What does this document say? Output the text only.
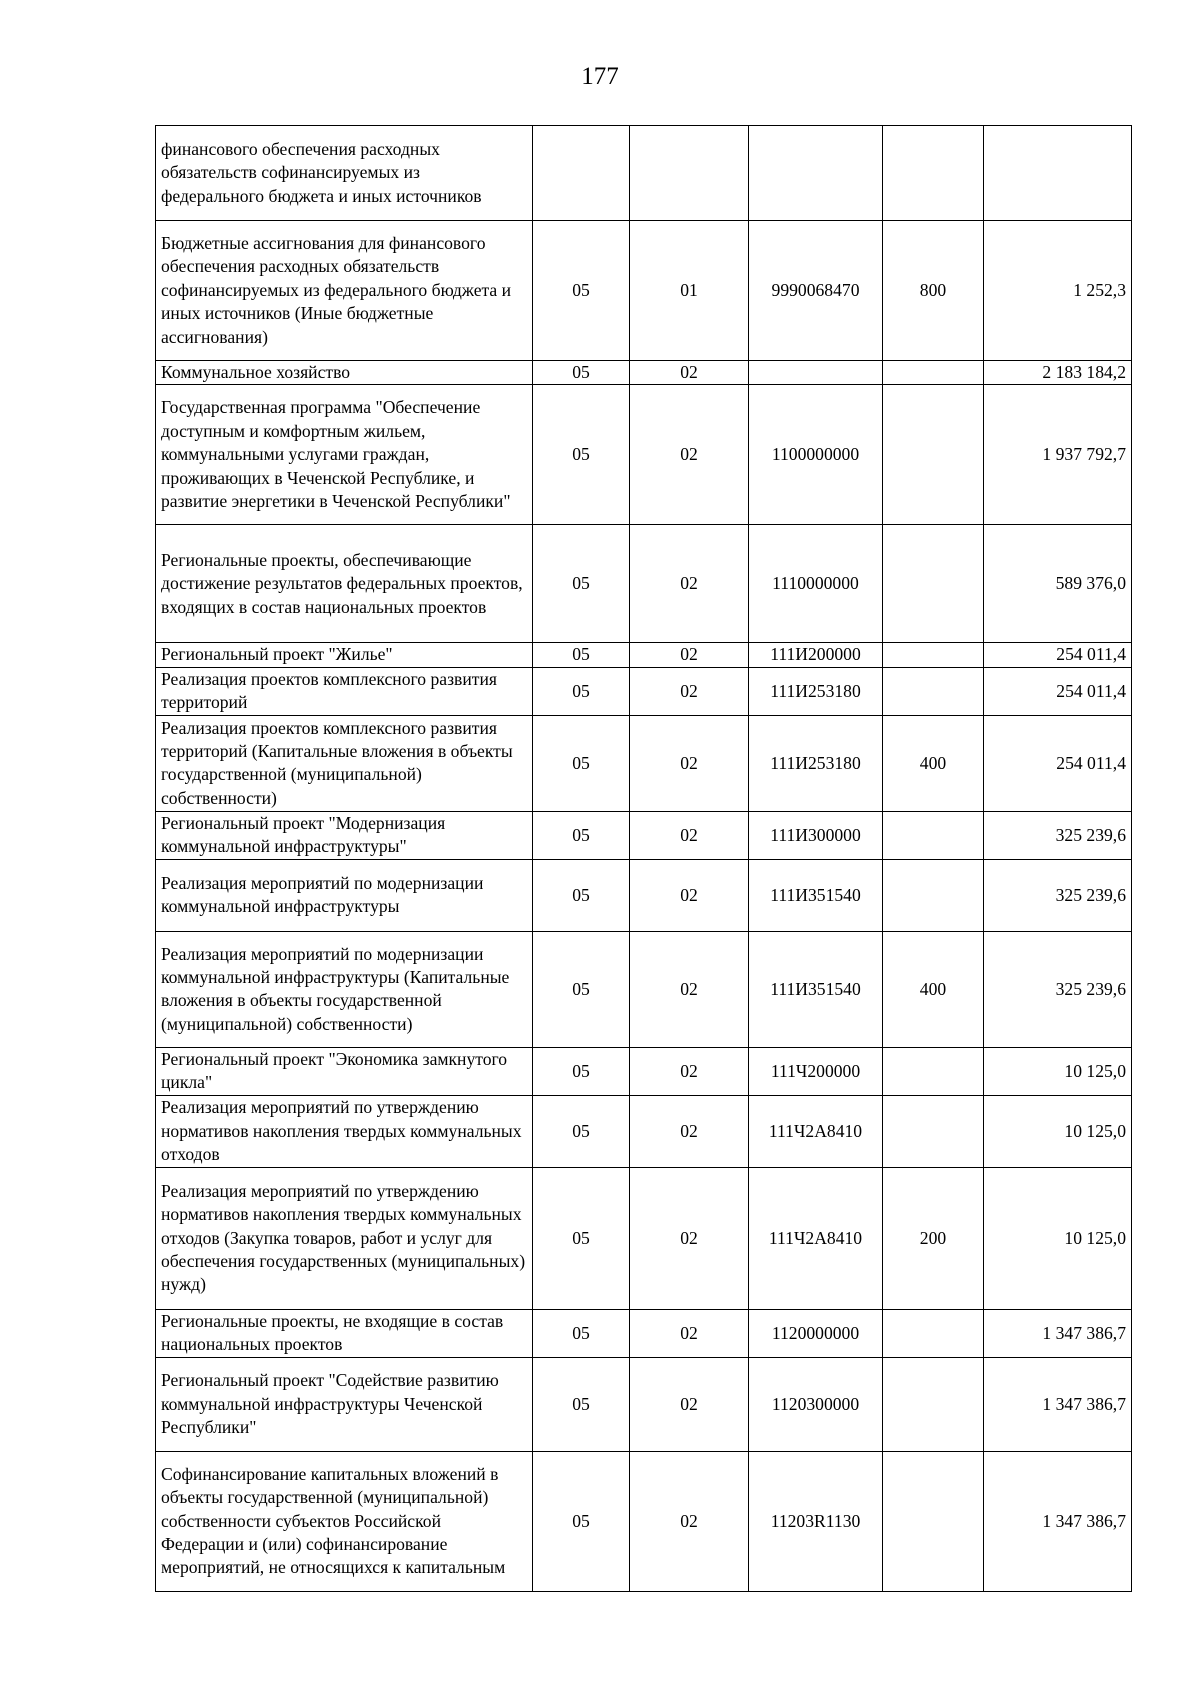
177
финансового обеспечения расходных обязательств софинансируемых из федерального бюджета и иных источников					
Бюджетные ассигнования для финансового обеспечения расходных обязательств софинансируемых из федерального бюджета и иных источников (Иные бюджетные ассигнования)	05	01	9990068470	800	1 252,3
Коммунальное хозяйство	05	02			2 183 184,2
Государственная программа "Обеспечение доступным и комфортным жильем, коммунальными услугами граждан, проживающих в Чеченской Республике, и развитие энергетики в Чеченской Республики"	05	02	1100000000		1 937 792,7
Региональные проекты, обеспечивающие достижение результатов федеральных проектов, входящих в состав национальных проектов	05	02	1110000000		589 376,0
Региональный проект "Жилье"	05	02	111И200000		254 011,4
Реализация проектов комплексного развития территорий	05	02	111И253180		254 011,4
Реализация проектов комплексного развития территорий (Капитальные вложения в объекты государственной (муниципальной) собственности)	05	02	111И253180	400	254 011,4
Региональный проект "Модернизация коммунальной инфраструктуры"	05	02	111И300000		325 239,6
Реализация мероприятий по модернизации коммунальной инфраструктуры	05	02	111И351540		325 239,6
Реализация мероприятий по модернизации коммунальной инфраструктуры (Капитальные вложения в объекты государственной (муниципальной) собственности)	05	02	111И351540	400	325 239,6
Региональный проект "Экономика замкнутого цикла"	05	02	111Ч200000		10 125,0
Реализация мероприятий по утверждению нормативов накопления твердых коммунальных отходов	05	02	111Ч2А8410		10 125,0
Реализация мероприятий по утверждению нормативов накопления твердых коммунальных отходов (Закупка товаров, работ и услуг для обеспечения государственных (муниципальных) нужд)	05	02	111Ч2А8410	200	10 125,0
Региональные проекты, не входящие в состав национальных проектов	05	02	1120000000		1 347 386,7
Региональный проект "Содействие развитию коммунальной инфраструктуры Чеченской Республики"	05	02	1120300000		1 347 386,7
Софинансирование капитальных вложений в объекты государственной (муниципальной) собственности субъектов Российской Федерации и (или) софинансирование мероприятий, не относящихся к капитальным	05	02	11203R1130		1 347 386,7
